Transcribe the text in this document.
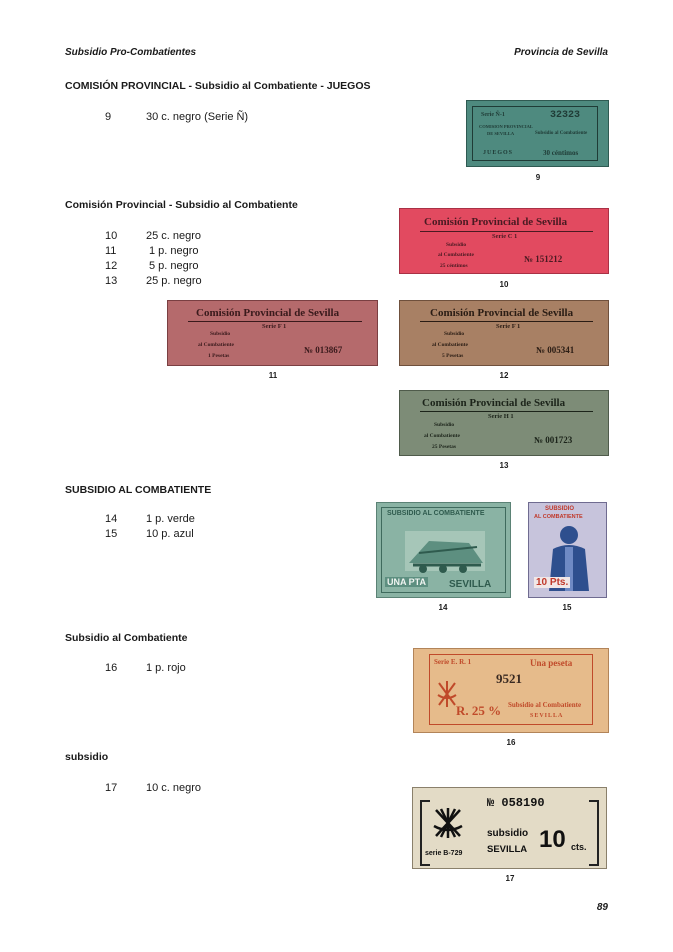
Subsidio Pro-Combatientes	Provincia de Sevilla
COMISIÓN PROVINCIAL - Subsidio al Combatiente - JUEGOS
9	30 c. negro (Serie Ñ)
Comisión Provincial - Subsidio al Combatiente
10	25 c. negro
11	1 p. negro
12	5 p. negro
13	25 p. negro
SUBSIDIO AL COMBATIENTE
14	1 p. verde
15	10 p. azul
Subsidio al Combatiente
16	1 p. rojo
subsidio
17	10 c. negro
Serie Ñ-1	32323
COMISION PROVINCIAL
DE SEVILLA	Subsidio al Combatiente
JUEGOS	30 céntimos
9
Comisión Provincial de Sevilla
Serie C 1
Subsidio
al Combatiente
25 céntimos
№ 151212
10
Comisión Provincial de Sevilla
Serie F 1
Subsidio
al Combatiente
1 Pesetas
№ 013867
11
Comisión Provincial de Sevilla
Serie F 1
Subsidio
al Combatiente
5 Pesetas
№ 005341
12
Comisión Provincial de Sevilla
Serie H 1
Subsidio
al Combatiente
25 Pesetas
№ 001723
13
SUBSIDIO AL COMBATIENTE
UNA PTA SEVILLA
14
SUBSIDIO
AL COMBATIENTE
10 Pts.
15
Serie E. R. 1	Una peseta
9521
R. 25 % Subsidio al Combatiente
SEVILLA
16
№ 058190
subsidio
SEVILLA
serie B-729
10 cts.
17
89
